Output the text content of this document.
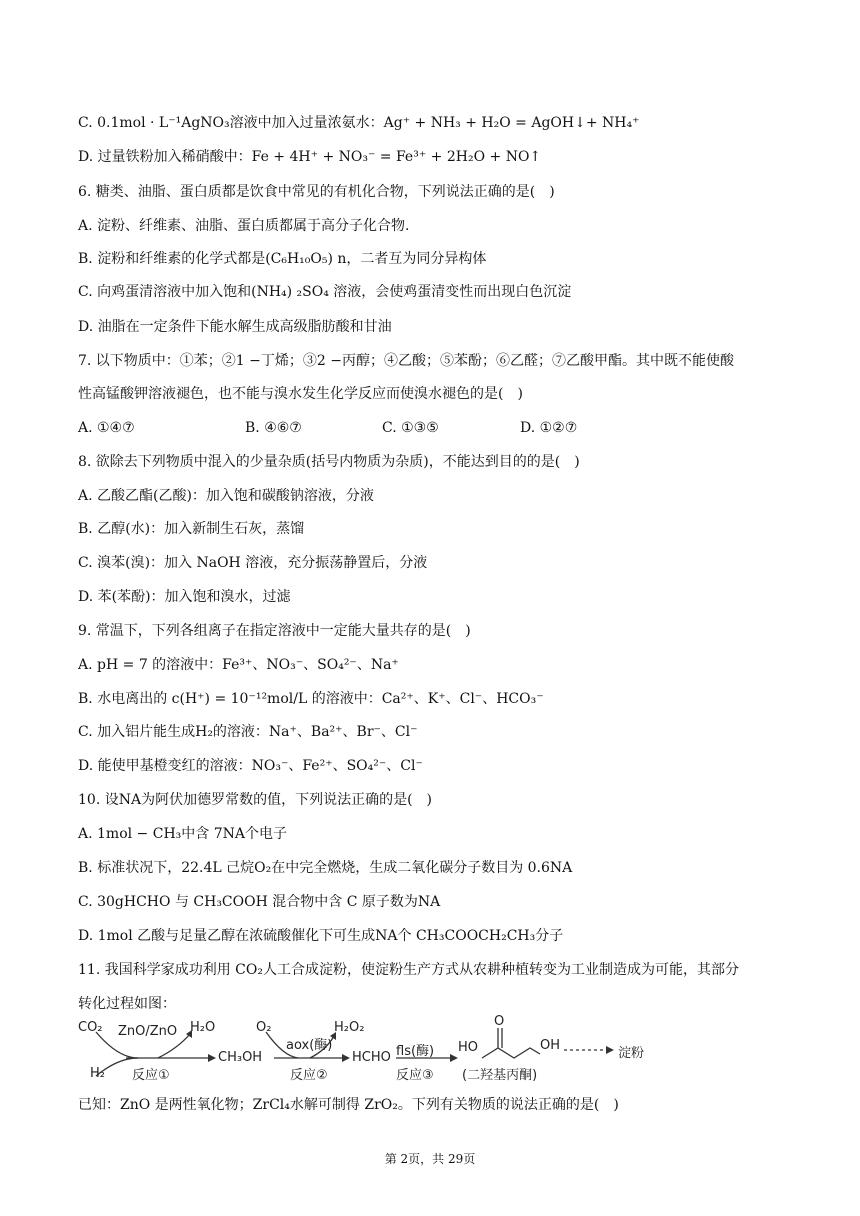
C. 0.1mol · L⁻¹AgNO₃溶液中加入过量浓氨水：Ag⁺ + NH₃ + H₂O = AgOH↓+ NH₄⁺
D. 过量铁粉加入稀硝酸中：Fe + 4H⁺ + NO₃⁻ = Fe³⁺ + 2H₂O + NO↑
6. 糖类、油脂、蛋白质都是饮食中常见的有机化合物，下列说法正确的是(　)
A. 淀粉、纤维素、油脂、蛋白质都属于高分子化合物.
B. 淀粉和纤维素的化学式都是(C₆H₁₀O₅) n，二者互为同分异构体
C. 向鸡蛋清溶液中加入饱和(NH₄) ₂SO₄ 溶液，会使鸡蛋清变性而出现白色沉淀
D. 油脂在一定条件下能水解生成高级脂肪酸和甘油
7. 以下物质中：①苯；②1 −丁烯；③2 −丙醇；④乙酸；⑤苯酚；⑥乙醛；⑦乙酸甲酯。其中既不能使酸
性高锰酸钾溶液褪色，也不能与溴水发生化学反应而使溴水褪色的是(　)
A. ①④⑦	B. ④⑥⑦	C. ①③⑤	D. ①②⑦
8. 欲除去下列物质中混入的少量杂质(括号内物质为杂质)，不能达到目的的是(　)
A. 乙酸乙酯(乙酸)：加入饱和碳酸钠溶液，分液
B. 乙醇(水)：加入新制生石灰，蒸馏
C. 溴苯(溴)：加入 NaOH 溶液，充分振荡静置后，分液
D. 苯(苯酚)：加入饱和溴水，过滤
9. 常温下，下列各组离子在指定溶液中一定能大量共存的是(　)
A. pH = 7 的溶液中：Fe³⁺、NO₃⁻、SO₄²⁻、Na⁺
B. 水电离出的 c(H⁺) = 10⁻¹²mol/L 的溶液中：Ca²⁺、K⁺、Cl⁻、HCO₃⁻
C. 加入铝片能生成H₂的溶液：Na⁺、Ba²⁺、Br⁻、Cl⁻
D. 能使甲基橙变红的溶液：NO₃⁻、Fe²⁺、SO₄²⁻、Cl⁻
10. 设NA为阿伏加德罗常数的值，下列说法正确的是(　)
A. 1mol − CH₃中含 7NA个电子
B. 标准状况下，22.4L 己烷O₂在中完全燃烧，生成二氧化碳分子数目为 0.6NA
C. 30gHCHO 与 CH₃COOH 混合物中含 C 原子数为NA
D. 1mol 乙酸与足量乙醇在浓硫酸催化下可生成NA个 CH₃COOCH₂CH₃分子
11. 我国科学家成功利用 CO₂人工合成淀粉，使淀粉生产方式从农耕种植转变为工业制造成为可能，其部分
转化过程如图：
CO₂ ZnO/ZnO H₂O
H₂ 反应①
CH₃OH
O₂
aox(酶)
H₂O₂
反应②
HCHO fls(酶)
反应③
HO
O
OH
(二羟基丙酮)
淀粉
已知：ZnO 是两性氧化物；ZrCl₄水解可制得 ZrO₂。下列有关物质的说法正确的是(　)
第 2页，共 29页
